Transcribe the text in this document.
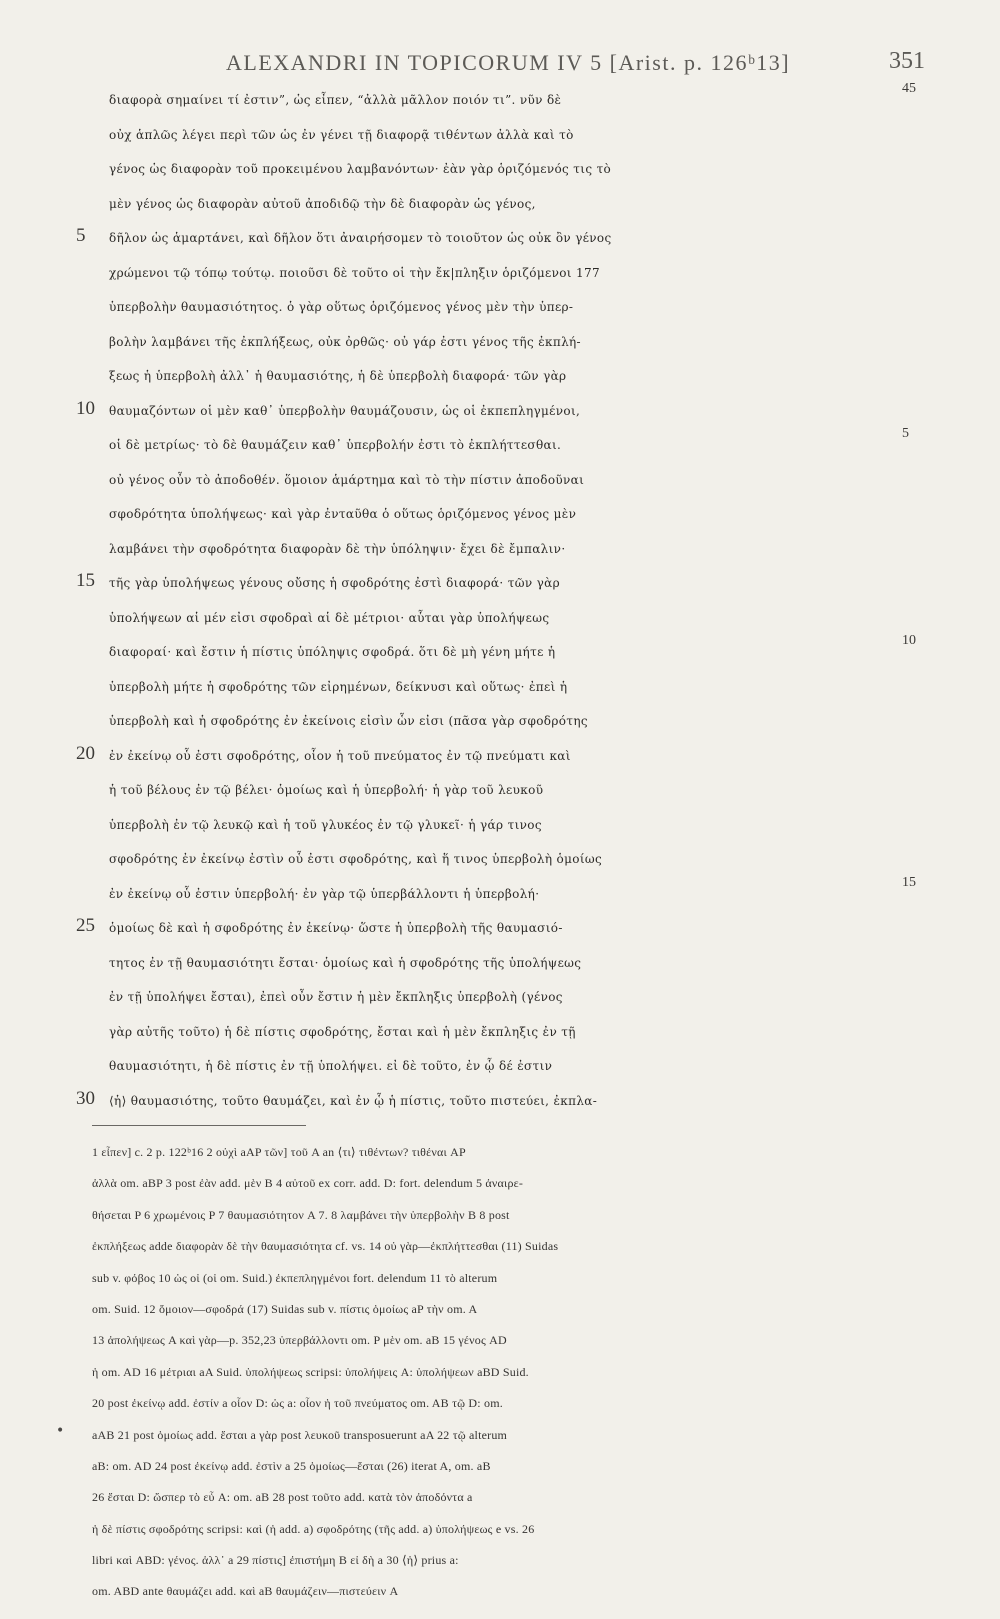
ALEXANDRI IN TOPICORUM IV 5 [Arist. p. 126ᵇ13]	351
διαφορὰ σημαίνει τί ἐστιν”, ὡς εἶπεν, “ἀλλὰ μᾶλλον ποιόν τι”. νῦν δὲ
45
οὐχ ἁπλῶς λέγει περὶ τῶν ὡς ἐν γένει τῇ διαφορᾷ τιθέντων ἀλλὰ καὶ τὸ
γένος ὡς διαφορὰν τοῦ προκειμένου λαμβανόντων· ἐὰν γὰρ ὁριζόμενός τις τὸ
μὲν γένος ὡς διαφορὰν αὐτοῦ ἀποδιδῷ τὴν δὲ διαφορὰν ὡς γένος,
5 δῆλον ὡς ἁμαρτάνει, καὶ δῆλον ὅτι ἀναιρήσομεν τὸ τοιοῦτον ὡς οὐκ ὂν γένος
χρώμενοι τῷ τόπῳ τούτῳ. ποιοῦσι δὲ τοῦτο οἱ τὴν ἔκ|πληξιν ὁριζόμενοι 177
ὑπερβολὴν θαυμασιότητος. ὁ γὰρ οὕτως ὁριζόμενος γένος μὲν τὴν ὑπερ-
βολὴν λαμβάνει τῆς ἐκπλήξεως, οὐκ ὀρθῶς· οὐ γάρ ἐστι γένος τῆς ἐκπλή-
ξεως ἡ ὑπερβολὴ ἀλλ᾽ ἡ θαυμασιότης, ἡ δὲ ὑπερβολὴ διαφορά· τῶν γὰρ
10 θαυμαζόντων οἱ μὲν καθ᾽ ὑπερβολὴν θαυμάζουσιν, ὡς οἱ ἐκπεπληγμένοι,
οἱ δὲ μετρίως· τὸ δὲ θαυμάζειν καθ᾽ ὑπερβολήν ἐστι τὸ ἐκπλήττεσθαι.
5
οὐ γένος οὖν τὸ ἀποδοθέν. ὅμοιον ἁμάρτημα καὶ τὸ τὴν πίστιν ἀποδοῦναι
σφοδρότητα ὑπολήψεως· καὶ γὰρ ἐνταῦθα ὁ οὕτως ὁριζόμενος γένος μὲν
λαμβάνει τὴν σφοδρότητα διαφορὰν δὲ τὴν ὑπόληψιν· ἔχει δὲ ἔμπαλιν·
15 τῆς γὰρ ὑπολήψεως γένους οὔσης ἡ σφοδρότης ἐστὶ διαφορά· τῶν γὰρ
ὑπολήψεων αἱ μέν εἰσι σφοδραὶ αἱ δὲ μέτριοι· αὗται γὰρ ὑπολήψεως
διαφοραί· καὶ ἔστιν ἡ πίστις ὑπόληψις σφοδρά. ὅτι δὲ μὴ γένη μήτε ἡ
10
ὑπερβολὴ μήτε ἡ σφοδρότης τῶν εἰρημένων, δείκνυσι καὶ οὕτως· ἐπεὶ ἡ
ὑπερβολὴ καὶ ἡ σφοδρότης ἐν ἐκείνοις εἰσὶν ὧν εἰσι (πᾶσα γὰρ σφοδρότης
20 ἐν ἐκείνῳ οὗ ἐστι σφοδρότης, οἷον ἡ τοῦ πνεύματος ἐν τῷ πνεύματι καὶ
ἡ τοῦ βέλους ἐν τῷ βέλει· ὁμοίως καὶ ἡ ὑπερβολή· ἡ γὰρ τοῦ λευκοῦ
ὑπερβολὴ ἐν τῷ λευκῷ καὶ ἡ τοῦ γλυκέος ἐν τῷ γλυκεῖ· ἡ γάρ τινος
σφοδρότης ἐν ἐκείνῳ ἐστὶν οὗ ἐστι σφοδρότης, καὶ ἥ τινος ὑπερβολὴ ὁμοίως
ἐν ἐκείνῳ οὗ ἐστιν ὑπερβολή· ἐν γὰρ τῷ ὑπερβάλλοντι ἡ ὑπερβολή·
15
25 ὁμοίως δὲ καὶ ἡ σφοδρότης ἐν ἐκείνῳ· ὥστε ἡ ὑπερβολὴ τῆς θαυμασιό-
τητος ἐν τῇ θαυμασιότητι ἔσται· ὁμοίως καὶ ἡ σφοδρότης τῆς ὑπολήψεως
ἐν τῇ ὑπολήψει ἔσται), ἐπεὶ οὖν ἔστιν ἡ μὲν ἔκπληξις ὑπερβολὴ (γένος
γὰρ αὐτῆς τοῦτο) ἡ δὲ πίστις σφοδρότης, ἔσται καὶ ἡ μὲν ἔκπληξις ἐν τῇ
θαυμασιότητι, ἡ δὲ πίστις ἐν τῇ ὑπολήψει. εἰ δὲ τοῦτο, ἐν ᾧ δέ ἐστιν
30 ⟨ἡ⟩ θαυμασιότης, τοῦτο θαυμάζει, καὶ ἐν ᾧ ἡ πίστις, τοῦτο πιστεύει, ἐκπλα-
1 εἶπεν] c. 2 p. 122ᵇ16 2 οὐχὶ aAP τῶν] τοῦ A an ⟨τι⟩ τιθέντων? τιθέναι AP
ἀλλὰ om. aBP 3 post ἐὰν add. μὲν B 4 αὐτοῦ ex corr. add. D: fort. delendum 5 ἀναιρε-
θήσεται P 6 χρωμένοις P 7 θαυμασιότητον A 7. 8 λαμβάνει τὴν ὑπερβολὴν B 8 post
ἐκπλήξεως adde διαφορὰν δὲ τὴν θαυμασιότητα cf. vs. 14 οὐ γὰρ—ἐκπλήττεσθαι (11) Suidas
sub v. φόβος 10 ὡς οἱ (οἱ om. Suid.) ἐκπεπληγμένοι fort. delendum 11 τὸ alterum
om. Suid. 12 ὅμοιον—σφοδρά (17) Suidas sub v. πίστις ὁμοίως aP τὴν om. A
13 ἀπολήψεως A καὶ γὰρ—p. 352,23 ὑπερβάλλοντι om. P μὲν om. aB 15 γένος AD
ἡ om. AD 16 μέτριαι aA Suid. ὑπολήψεως scripsi: ὑπολήψεις A: ὑπολήψεων aBD Suid.
20 post ἐκείνῳ add. ἐστίν a οἷον D: ὡς a: οἷον ἡ τοῦ πνεύματος om. AB τῷ D: om.
aAB 21 post ὁμοίως add. ἔσται a γὰρ post λευκοῦ transposuerunt aA 22 τῷ alterum
aB: om. AD 24 post ἐκείνῳ add. ἐστὶν a 25 ὁμοίως—ἔσται (26) iterat A, om. aB
26 ἔσται D: ὥσπερ τὸ εὖ A: om. aB 28 post τοῦτο add. κατὰ τὸν ἀποδόντα a
ἡ δὲ πίστις σφοδρότης scripsi: καὶ (ἡ add. a) σφοδρότης (τῆς add. a) ὑπολήψεως e vs. 26
libri καὶ ABD: γένος. ἀλλ᾽ a 29 πίστις] ἐπιστήμη B εἰ δὴ a 30 ⟨ἡ⟩ prius a:
om. ABD ante θαυμάζει add. καὶ aB θαυμάζειν—πιστεύειν A
•
